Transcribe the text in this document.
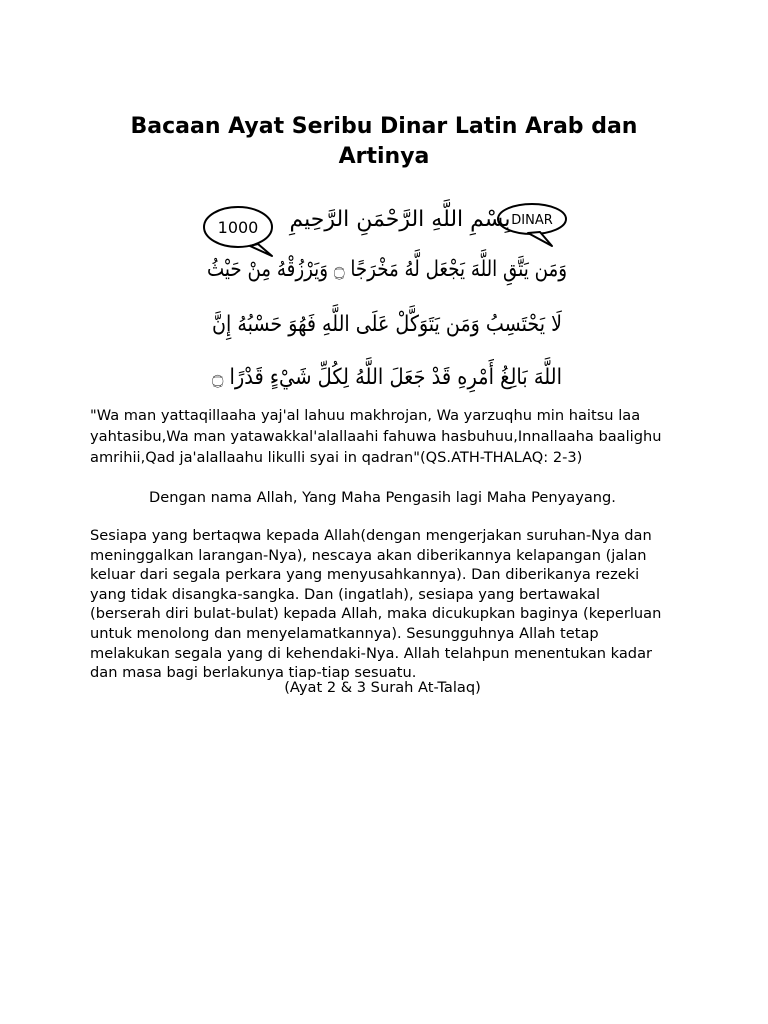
Bacaan Ayat Seribu Dinar Latin Arab dan Artinya
1000	DINAR
بِسْمِ اللَّهِ الرَّحْمَنِ الرَّحِيمِ
وَمَن يَتَّقِ اللَّهَ يَجْعَل لَّهُ مَخْرَجًا ۝ وَيَرْزُقْهُ مِنْ حَيْثُ
لَا يَحْتَسِبُ وَمَن يَتَوَكَّلْ عَلَى اللَّهِ فَهُوَ حَسْبُهُ إِنَّ
اللَّهَ بَالِغُ أَمْرِهِ قَدْ جَعَلَ اللَّهُ لِكُلِّ شَيْءٍ قَدْرًا ۝

"Wa man yattaqillaaha yaj'al lahuu makhrojan, Wa yarzuqhu min haitsu laa yahtasibu,Wa man yatawakkal'alallaahi fahuwa hasbuhuu,Innallaaha baalighu amrihii,Qad ja'alallaahu likulli syai in qadran"(QS.ATH-THALAQ: 2-3)

Dengan nama Allah, Yang Maha Pengasih lagi Maha Penyayang.

Sesiapa yang bertaqwa kepada Allah(dengan mengerjakan suruhan-Nya dan meninggalkan larangan-Nya), nescaya akan diberikannya kelapangan (jalan keluar dari segala perkara yang menyusahkannya). Dan diberikanya rezeki yang tidak disangka-sangka. Dan (ingatlah), sesiapa yang bertawakal (berserah diri bulat-bulat) kepada Allah, maka dicukupkan baginya (keperluan untuk menolong dan menyelamatkannya). Sesungguhnya Allah tetap melakukan segala yang di kehendaki-Nya. Allah telahpun menentukan kadar dan masa bagi berlakunya tiap-tiap sesuatu.

(Ayat 2 & 3 Surah At-Talaq)
